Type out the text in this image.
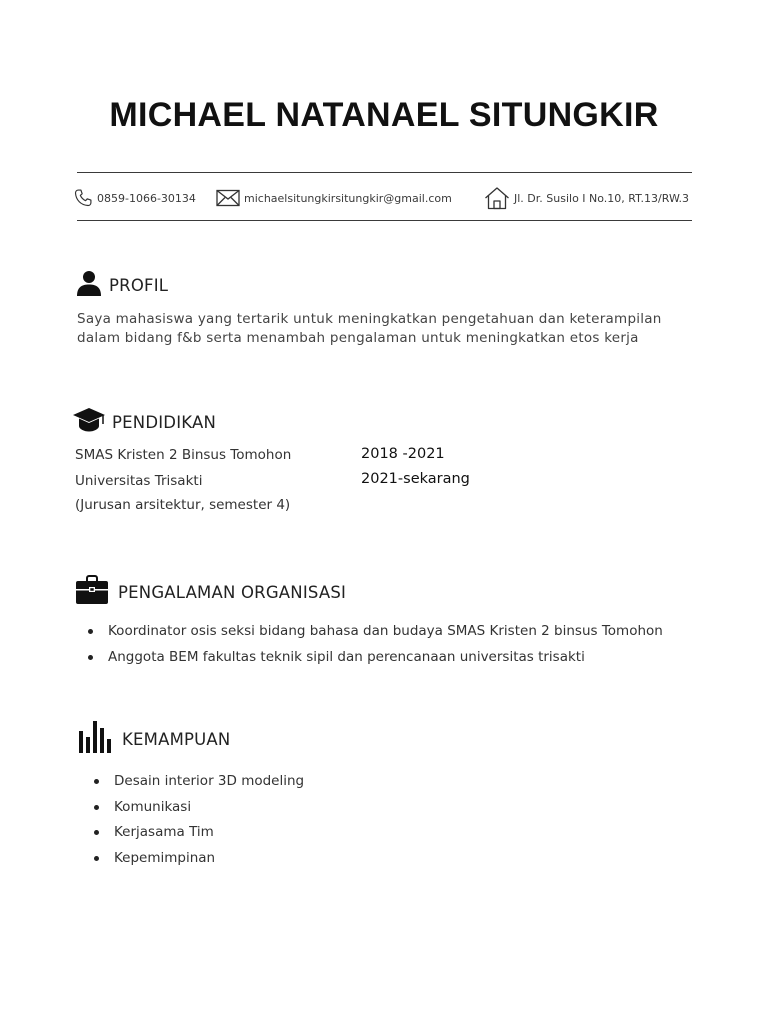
MICHAEL NATANAEL SITUNGKIR
0859-1066-30134	michaelsitungkirsitungkir@gmail.com	Jl. Dr. Susilo I No.10, RT.13/RW.3
PROFIL
Saya mahasiswa yang tertarik untuk meningkatkan pengetahuan dan keterampilan
dalam bidang f&b serta menambah pengalaman untuk meningkatkan etos kerja
PENDIDIKAN
SMAS Kristen 2 Binsus Tomohon	2018 -2021
Universitas Trisakti	2021-sekarang
(Jurusan arsitektur, semester 4)
PENGALAMAN ORGANISASI
Koordinator osis seksi bidang bahasa dan budaya SMAS Kristen 2 binsus Tomohon
Anggota BEM fakultas teknik sipil dan perencanaan universitas trisakti
KEMAMPUAN
Desain interior 3D modeling
Komunikasi
Kerjasama Tim
Kepemimpinan
